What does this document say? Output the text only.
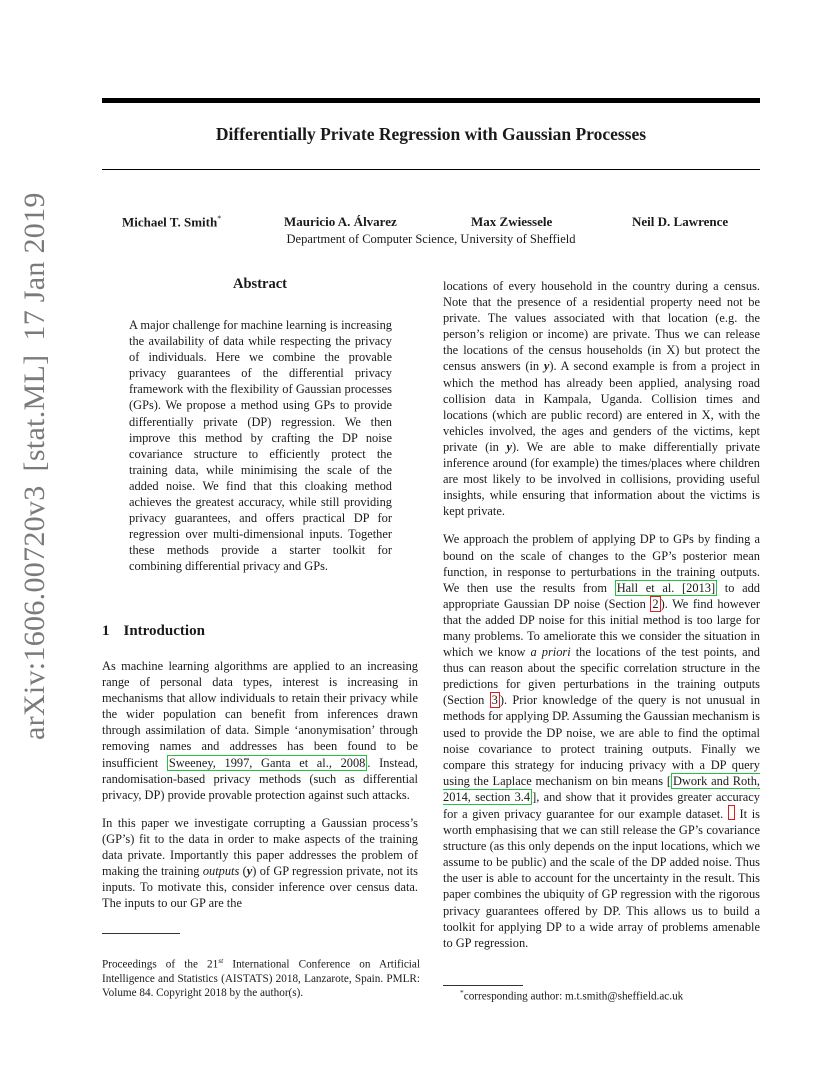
Differentially Private Regression with Gaussian Processes
Michael T. Smith*	Mauricio A. Álvarez	Max Zwiessele	Neil D. Lawrence
Department of Computer Science, University of Sheffield
arXiv:1606.00720v3[stat.ML]17 Jan 2019	Abstract

A major challenge for machine learning is increasing the availability of data while respecting the privacy of individuals. Here we combine the provable privacy guarantees of the differential privacy framework with the flexibility of Gaussian processes (GPs). We propose a method using GPs to provide differentially private (DP) regression. We then improve this method by crafting the DP noise covariance structure to efficiently protect the training data, while minimising the scale of the added noise. We find that this cloaking method achieves the greatest accuracy, while still providing privacy guarantees, and offers practical DP for regression over multi-dimensional inputs. Together these methods provide a starter toolkit for combining differential privacy and GPs.

1 Introduction

As machine learning algorithms are applied to an increasing range of personal data types, interest is increasing in mechanisms that allow individuals to retain their privacy while the wider population can benefit from inferences drawn through assimilation of data. Simple ‘anonymisation’ through removing names and addresses has been found to be insufficient Sweeney, 1997, Ganta et al., 2008 . Instead, randomisation-based privacy methods (such as differential privacy, DP) provide provable protection against such attacks.

In this paper we investigate corrupting a Gaussian process’s (GP’s) fit to the data in order to make aspects of the training data private. Importantly this paper addresses the problem of making the training outputs (y) of GP regression private, not its inputs. To motivate this, consider inference over census data. The inputs to our GP are the

locations of every household in the country during a census. Note that the presence of a residential property need not be private. The values associated with that location (e.g. the person’s religion or income) are private. Thus we can release the locations of the census households (in X) but protect the census answers (in y). A second example is from a project in which the method has already been applied, analysing road collision data in Kampala, Uganda. Collision times and locations (which are public record) are entered in X, with the vehicles involved, the ages and genders of the victims, kept private (in y). We are able to make differentially private inference around (for example) the times/places where children are most likely to be involved in collisions, providing useful insights, while ensuring that information about the victims is kept private.

We approach the problem of applying DP to GPs by finding a bound on the scale of changes to the GP’s posterior mean function, in response to perturbations in the training outputs. We then use the results from Hall et al. [2013] to add appropriate Gaussian DP noise (Section 2 ). We find however that the added DP noise for this initial method is too large for many problems. To ameliorate this we consider the situation in which we know a priori the locations of the test points, and thus can reason about the specific correlation structure in the predictions for given perturbations in the training outputs (Section 3 ). Prior knowledge of the query is not unusual in methods for applying DP. Assuming the Gaussian mechanism is used to provide the DP noise, we are able to find the optimal noise covariance to protect training outputs. Finally we compare this strategy for inducing privacy with a DP query using the Laplace mechanism on bin means [ Dwork and Roth, 2014, section 3.4 ], and show that it provides greater accuracy for a given privacy guarantee for our example dataset.  It is worth emphasising that we can still release the GP’s covariance structure (as this only depends on the input locations, which we assume to be public) and the scale of the DP added noise. Thus the user is able to account for the uncertainty in the result. This paper combines the ubiquity of GP regression with the rigorous privacy guarantees offered by DP. This allows us to build a toolkit for applying DP to a wide array of problems amenable to GP regression.

Proceedings of the 21st International Conference on Artificial Intelligence and Statistics (AISTATS) 2018, Lanzarote, Spain. PMLR: Volume 84. Copyright 2018 by the author(s).	*corresponding author: m.t.smith@sheffield.ac.uk
